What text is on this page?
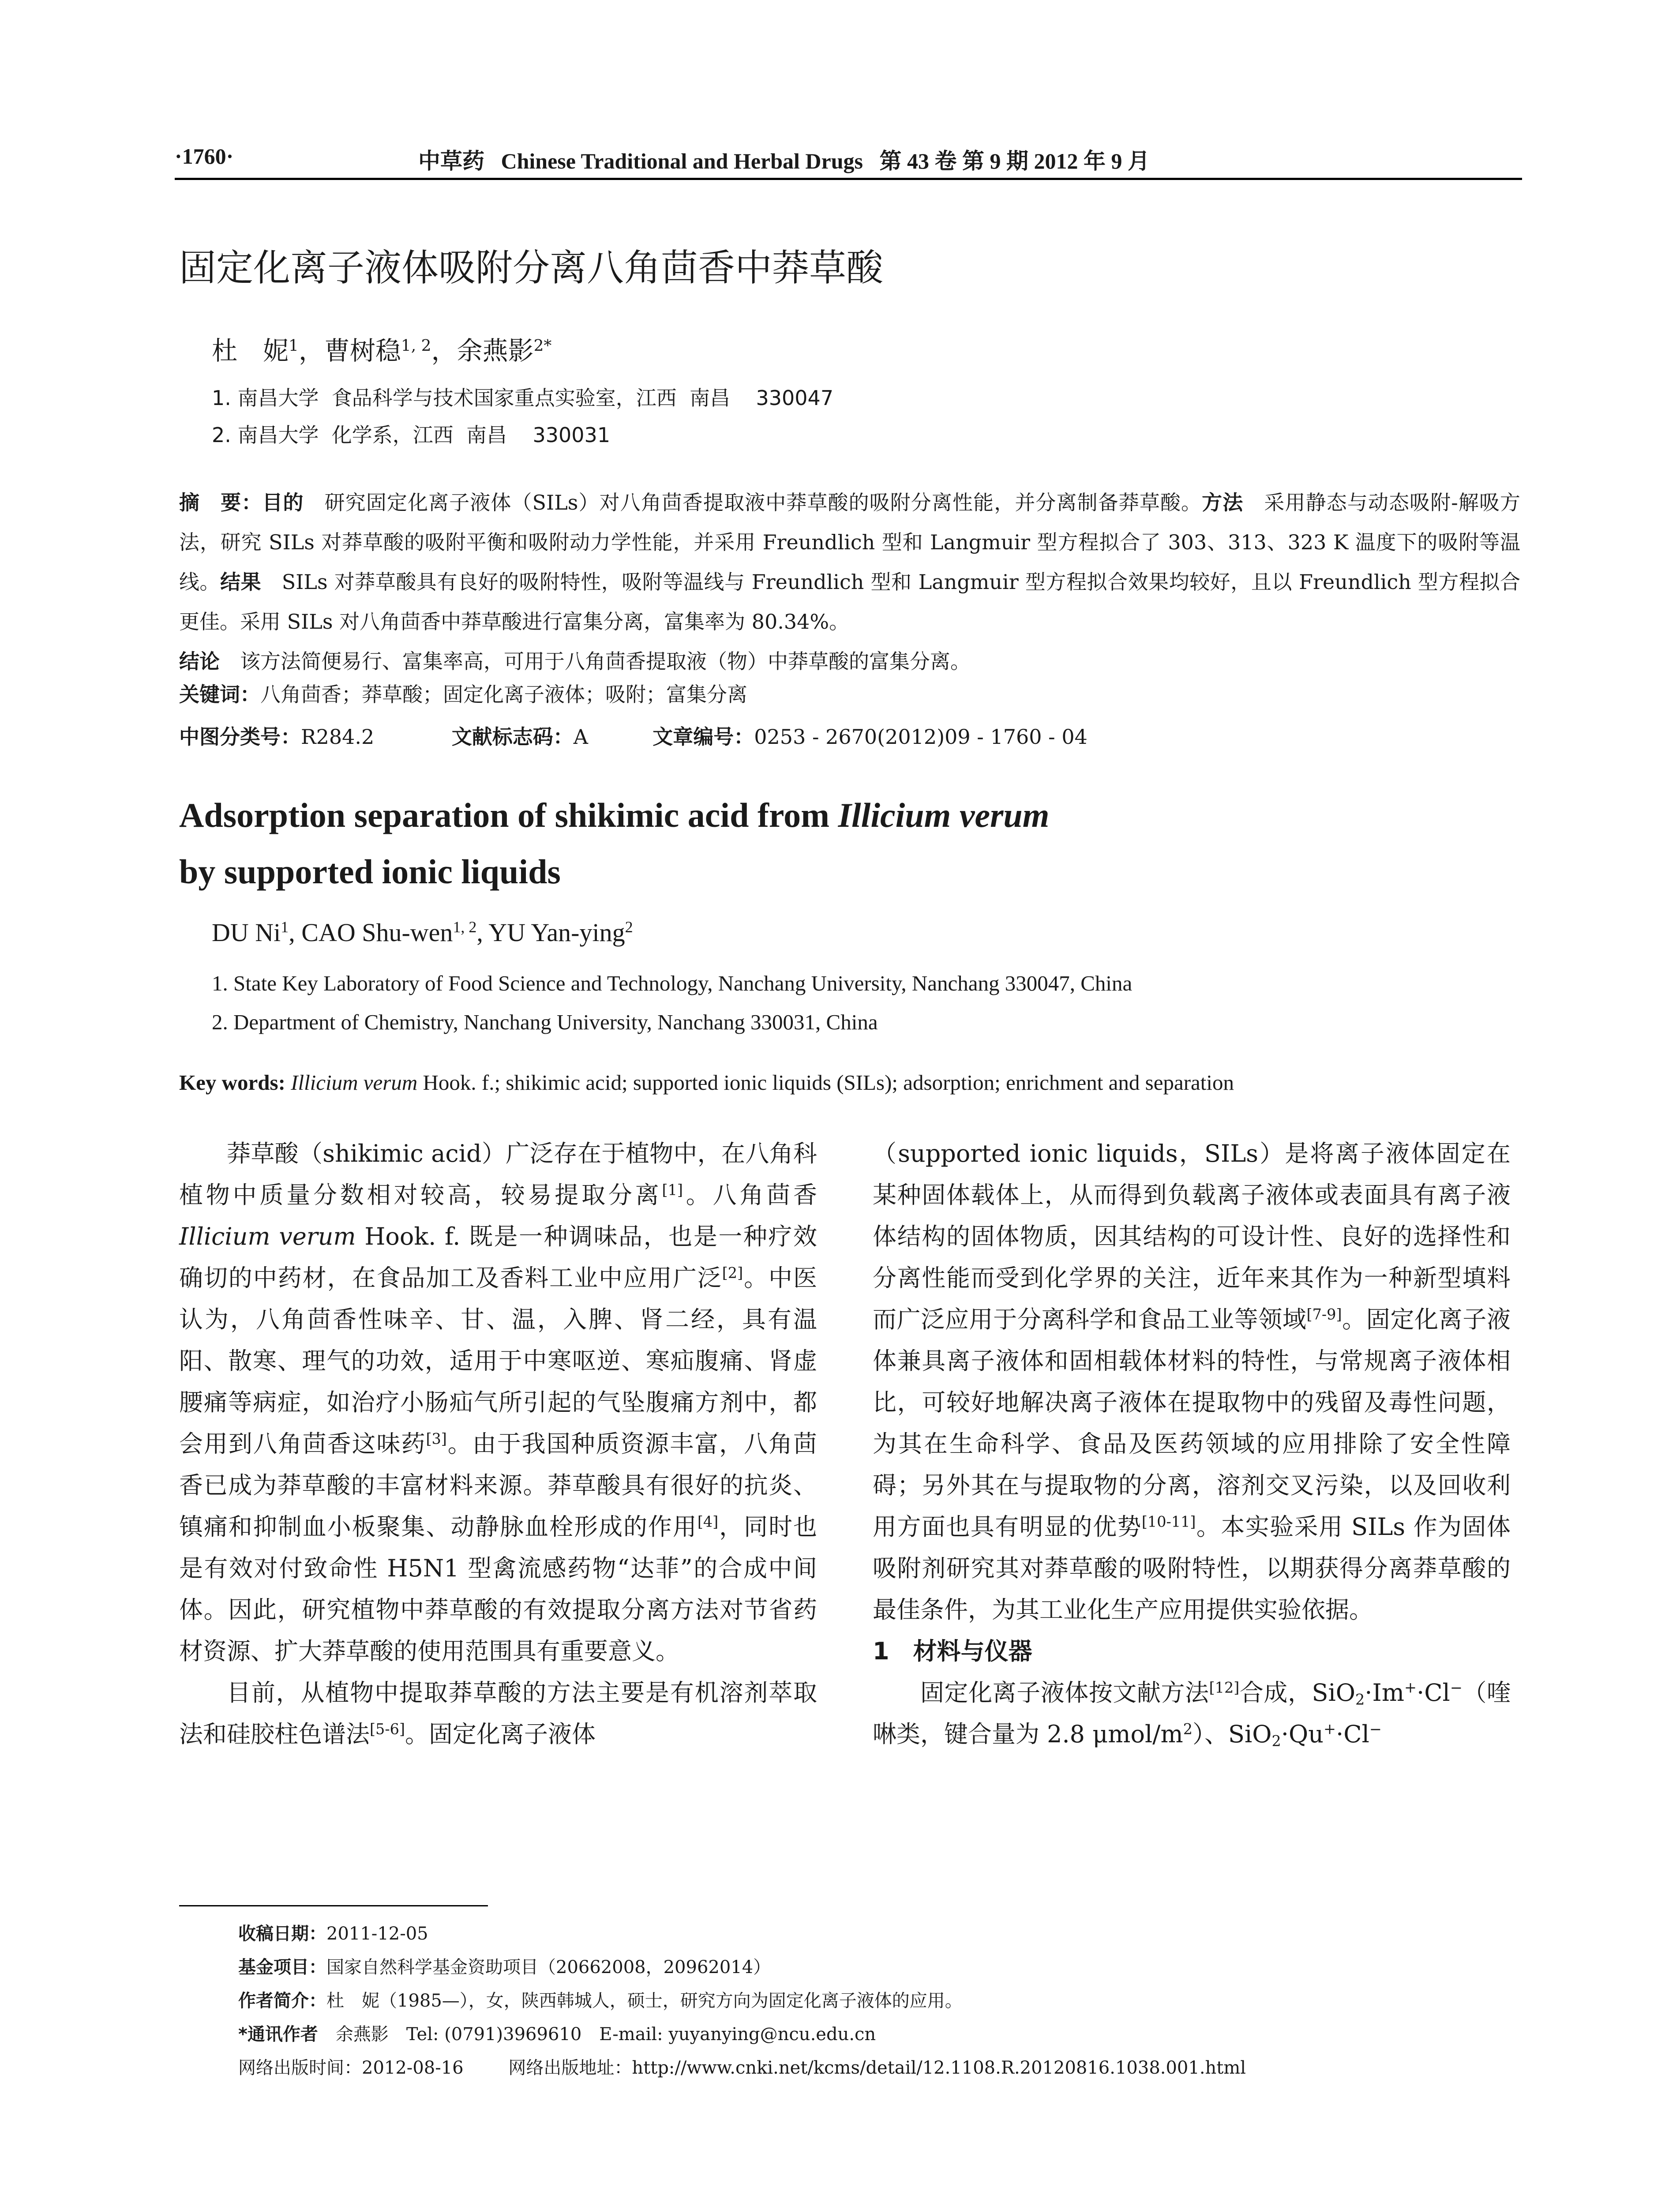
·1760·	中草药 Chinese Traditional and Herbal Drugs 第 43 卷 第 9 期 2012 年 9 月
固定化离子液体吸附分离八角茴香中莽草酸
杜　妮$^1$，曹树稳$^{1, 2}$，余燕影$^{2*}$
1. 南昌大学  食品科学与技术国家重点实验室，江西  南昌    330047
2. 南昌大学  化学系，江西  南昌    330031
摘　要：目的　 研究固定化离子液体（SILs）对八角茴香提取液中莽草酸的吸附分离性能，并分离制备莽草酸。方法　 采用静态与动态吸附-解吸方法，研究 SILs 对莽草酸的吸附平衡和吸附动力学性能，并采用 Freundlich 型和 Langmuir 型方程拟合了 303、313、323 K 温度下的吸附等温线。结果　 SILs 对莽草酸具有良好的吸附特性，吸附等温线与 Freundlich 型和 Langmuir 型方程拟合效果均较好，且以 Freundlich 型方程拟合更佳。采用 SILs 对八角茴香中莽草酸进行富集分离，富集率为 80.34%。
结论　 该方法简便易行、富集率高，可用于八角茴香提取液（物）中莽草酸的富集分离。
关键词：八角茴香；莽草酸；固定化离子液体；吸附；富集分离
中图分类号：R284.2	文献标志码：A	文章编号：0253 - 2670(2012)09 - 1760 - 04
Adsorption separation of shikimic acid from Illicium verum
by supported ionic liquids
DU Ni$^1$, CAO Shu-wen$^{1, 2}$, YU Yan-ying$^2$
1. State Key Laboratory of Food Science and Technology, Nanchang University, Nanchang 330047, China
2. Department of Chemistry, Nanchang University, Nanchang 330031, China
Key words: Illicium verum Hook. f.; shikimic acid; supported ionic liquids (SILs); adsorption; enrichment and separation

莽草酸（shikimic acid）广泛存在于植物中，在八角科植物中质量分数相对较高，较易提取分离[1]。八角茴香 Illicium verum Hook. f. 既是一种调味品，也是一种疗效确切的中药材，在食品加工及香料工业中应用广泛[2]。中医认为，八角茴香性味辛、甘、温，入脾、肾二经，具有温阳、散寒、理气的功效，适用于中寒呕逆、寒疝腹痛、肾虚腰痛等病症，如治疗小肠疝气所引起的气坠腹痛方剂中，都会用到八角茴香这味药[3]。由于我国种质资源丰富，八角茴香已成为莽草酸的丰富材料来源。莽草酸具有很好的抗炎、镇痛和抑制血小板聚集、动静脉血栓形成的作用[4]，同时也是有效对付致命性 H5N1 型禽流感药物“达菲”的合成中间体。因此，研究植物中莽草酸的有效提取分离方法对节省药材资源、扩大莽草酸的使用范围具有重要意义。

目前，从植物中提取莽草酸的方法主要是有机溶剂萃取法和硅胶柱色谱法[5-6]。固定化离子液体

（supported ionic liquids，SILs）是将离子液体固定在某种固体载体上，从而得到负载离子液体或表面具有离子液体结构的固体物质，因其结构的可设计性、良好的选择性和分离性能而受到化学界的关注，近年来其作为一种新型填料而广泛应用于分离科学和食品工业等领域[7-9]。固定化离子液体兼具离子液体和固相载体材料的特性，与常规离子液体相比，可较好地解决离子液体在提取物中的残留及毒性问题，为其在生命科学、食品及医药领域的应用排除了安全性障碍；另外其在与提取物的分离，溶剂交叉污染，以及回收利用方面也具有明显的优势[10-11]。本实验采用 SILs 作为固体吸附剂研究其对莽草酸的吸附特性，以期获得分离莽草酸的最佳条件，为其工业化生产应用提供实验依据。

1　材料与仪器

固定化离子液体按文献方法[12]合成，SiO$_2$·Im+·Cl−（喹啉类，键合量为 2.8 μmol/$m^2$）、SiO$_2$·Qu+·Cl−

收稿日期：2011-12-05
基金项目：国家自然科学基金资助项目（20662008，20962014）
作者简介：杜　妮（1985—），女，陕西韩城人，硕士，研究方向为固定化离子液体的应用。
*通讯作者　余燕影　Tel: (0791)3969610　E-mail: yuyanying@ncu.edu.cn
网络出版时间：2012-08-16	网络出版地址：http://www.cnki.net/kcms/detail/12.1108.R.20120816.1038.001.html
